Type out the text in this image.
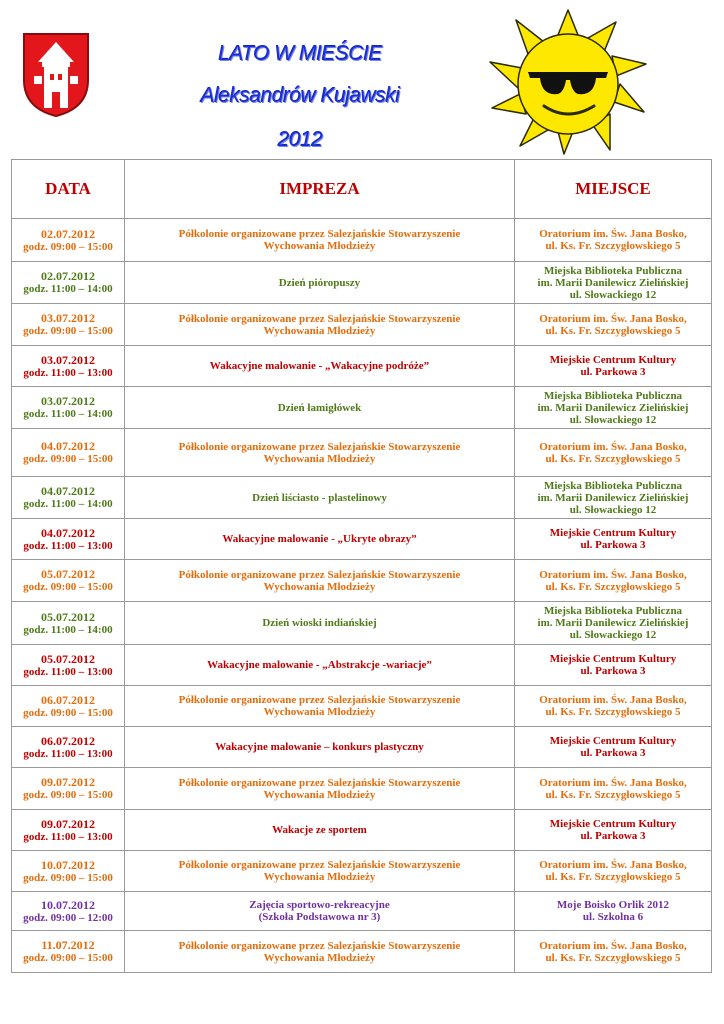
LATO W MIEŚCIE
Aleksandrów Kujawski
2012
DATA	IMPREZA	MIEJSCE

02.07.2012
godz. 09:00 – 15:00	Półkolonie organizowane przez Salezjańskie Stowarzyszenie
Wychowania Młodzieży	Oratorium im. Św. Jana Bosko,
ul. Ks. Fr. Szczygłowskiego 5

02.07.2012
godz. 11:00 – 14:00	Dzień pióropuszy	Miejska Biblioteka Publiczna
im. Marii Danilewicz Zielińskiej
ul. Słowackiego 12

03.07.2012
godz. 09:00 – 15:00	Półkolonie organizowane przez Salezjańskie Stowarzyszenie
Wychowania Młodzieży	Oratorium im. Św. Jana Bosko,
ul. Ks. Fr. Szczygłowskiego 5

03.07.2012
godz. 11:00 – 13:00	Wakacyjne malowanie - „Wakacyjne podróże”	Miejskie Centrum Kultury
ul. Parkowa 3

03.07.2012
godz. 11:00 – 14:00	Dzień łamigłówek	Miejska Biblioteka Publiczna
im. Marii Danilewicz Zielińskiej
ul. Słowackiego 12

04.07.2012
godz. 09:00 – 15:00	Półkolonie organizowane przez Salezjańskie Stowarzyszenie
Wychowania Młodzieży	Oratorium im. Św. Jana Bosko,
ul. Ks. Fr. Szczygłowskiego 5

04.07.2012
godz. 11:00 – 14:00	Dzień liściasto - plastelinowy	Miejska Biblioteka Publiczna
im. Marii Danilewicz Zielińskiej
ul. Słowackiego 12

04.07.2012
godz. 11:00 – 13:00	Wakacyjne malowanie - „Ukryte obrazy”	Miejskie Centrum Kultury
ul. Parkowa 3

05.07.2012
godz. 09:00 – 15:00	Półkolonie organizowane przez Salezjańskie Stowarzyszenie
Wychowania Młodzieży	Oratorium im. Św. Jana Bosko,
ul. Ks. Fr. Szczygłowskiego 5

05.07.2012
godz. 11:00 – 14:00	Dzień wioski indiańskiej	Miejska Biblioteka Publiczna
im. Marii Danilewicz Zielińskiej
ul. Słowackiego 12

05.07.2012
godz. 11:00 – 13:00	Wakacyjne malowanie - „Abstrakcje -wariacje”	Miejskie Centrum Kultury
ul. Parkowa 3

06.07.2012
godz. 09:00 – 15:00	Półkolonie organizowane przez Salezjańskie Stowarzyszenie
Wychowania Młodzieży	Oratorium im. Św. Jana Bosko,
ul. Ks. Fr. Szczygłowskiego 5

06.07.2012
godz. 11:00 – 13:00	Wakacyjne malowanie – konkurs plastyczny	Miejskie Centrum Kultury
ul. Parkowa 3

09.07.2012
godz. 09:00 – 15:00	Półkolonie organizowane przez Salezjańskie Stowarzyszenie
Wychowania Młodzieży	Oratorium im. Św. Jana Bosko,
ul. Ks. Fr. Szczygłowskiego 5

09.07.2012
godz. 11:00 – 13:00	Wakacje ze sportem	Miejskie Centrum Kultury
ul. Parkowa 3

10.07.2012
godz. 09:00 – 15:00	Półkolonie organizowane przez Salezjańskie Stowarzyszenie
Wychowania Młodzieży	Oratorium im. Św. Jana Bosko,
ul. Ks. Fr. Szczygłowskiego 5

10.07.2012
godz. 09:00 – 12:00	Zajęcia sportowo-rekreacyjne
(Szkoła Podstawowa nr 3)	Moje Boisko Orlik 2012
ul. Szkolna 6

11.07.2012
godz. 09:00 – 15:00	Półkolonie organizowane przez Salezjańskie Stowarzyszenie
Wychowania Młodzieży	Oratorium im. Św. Jana Bosko,
ul. Ks. Fr. Szczygłowskiego 5
